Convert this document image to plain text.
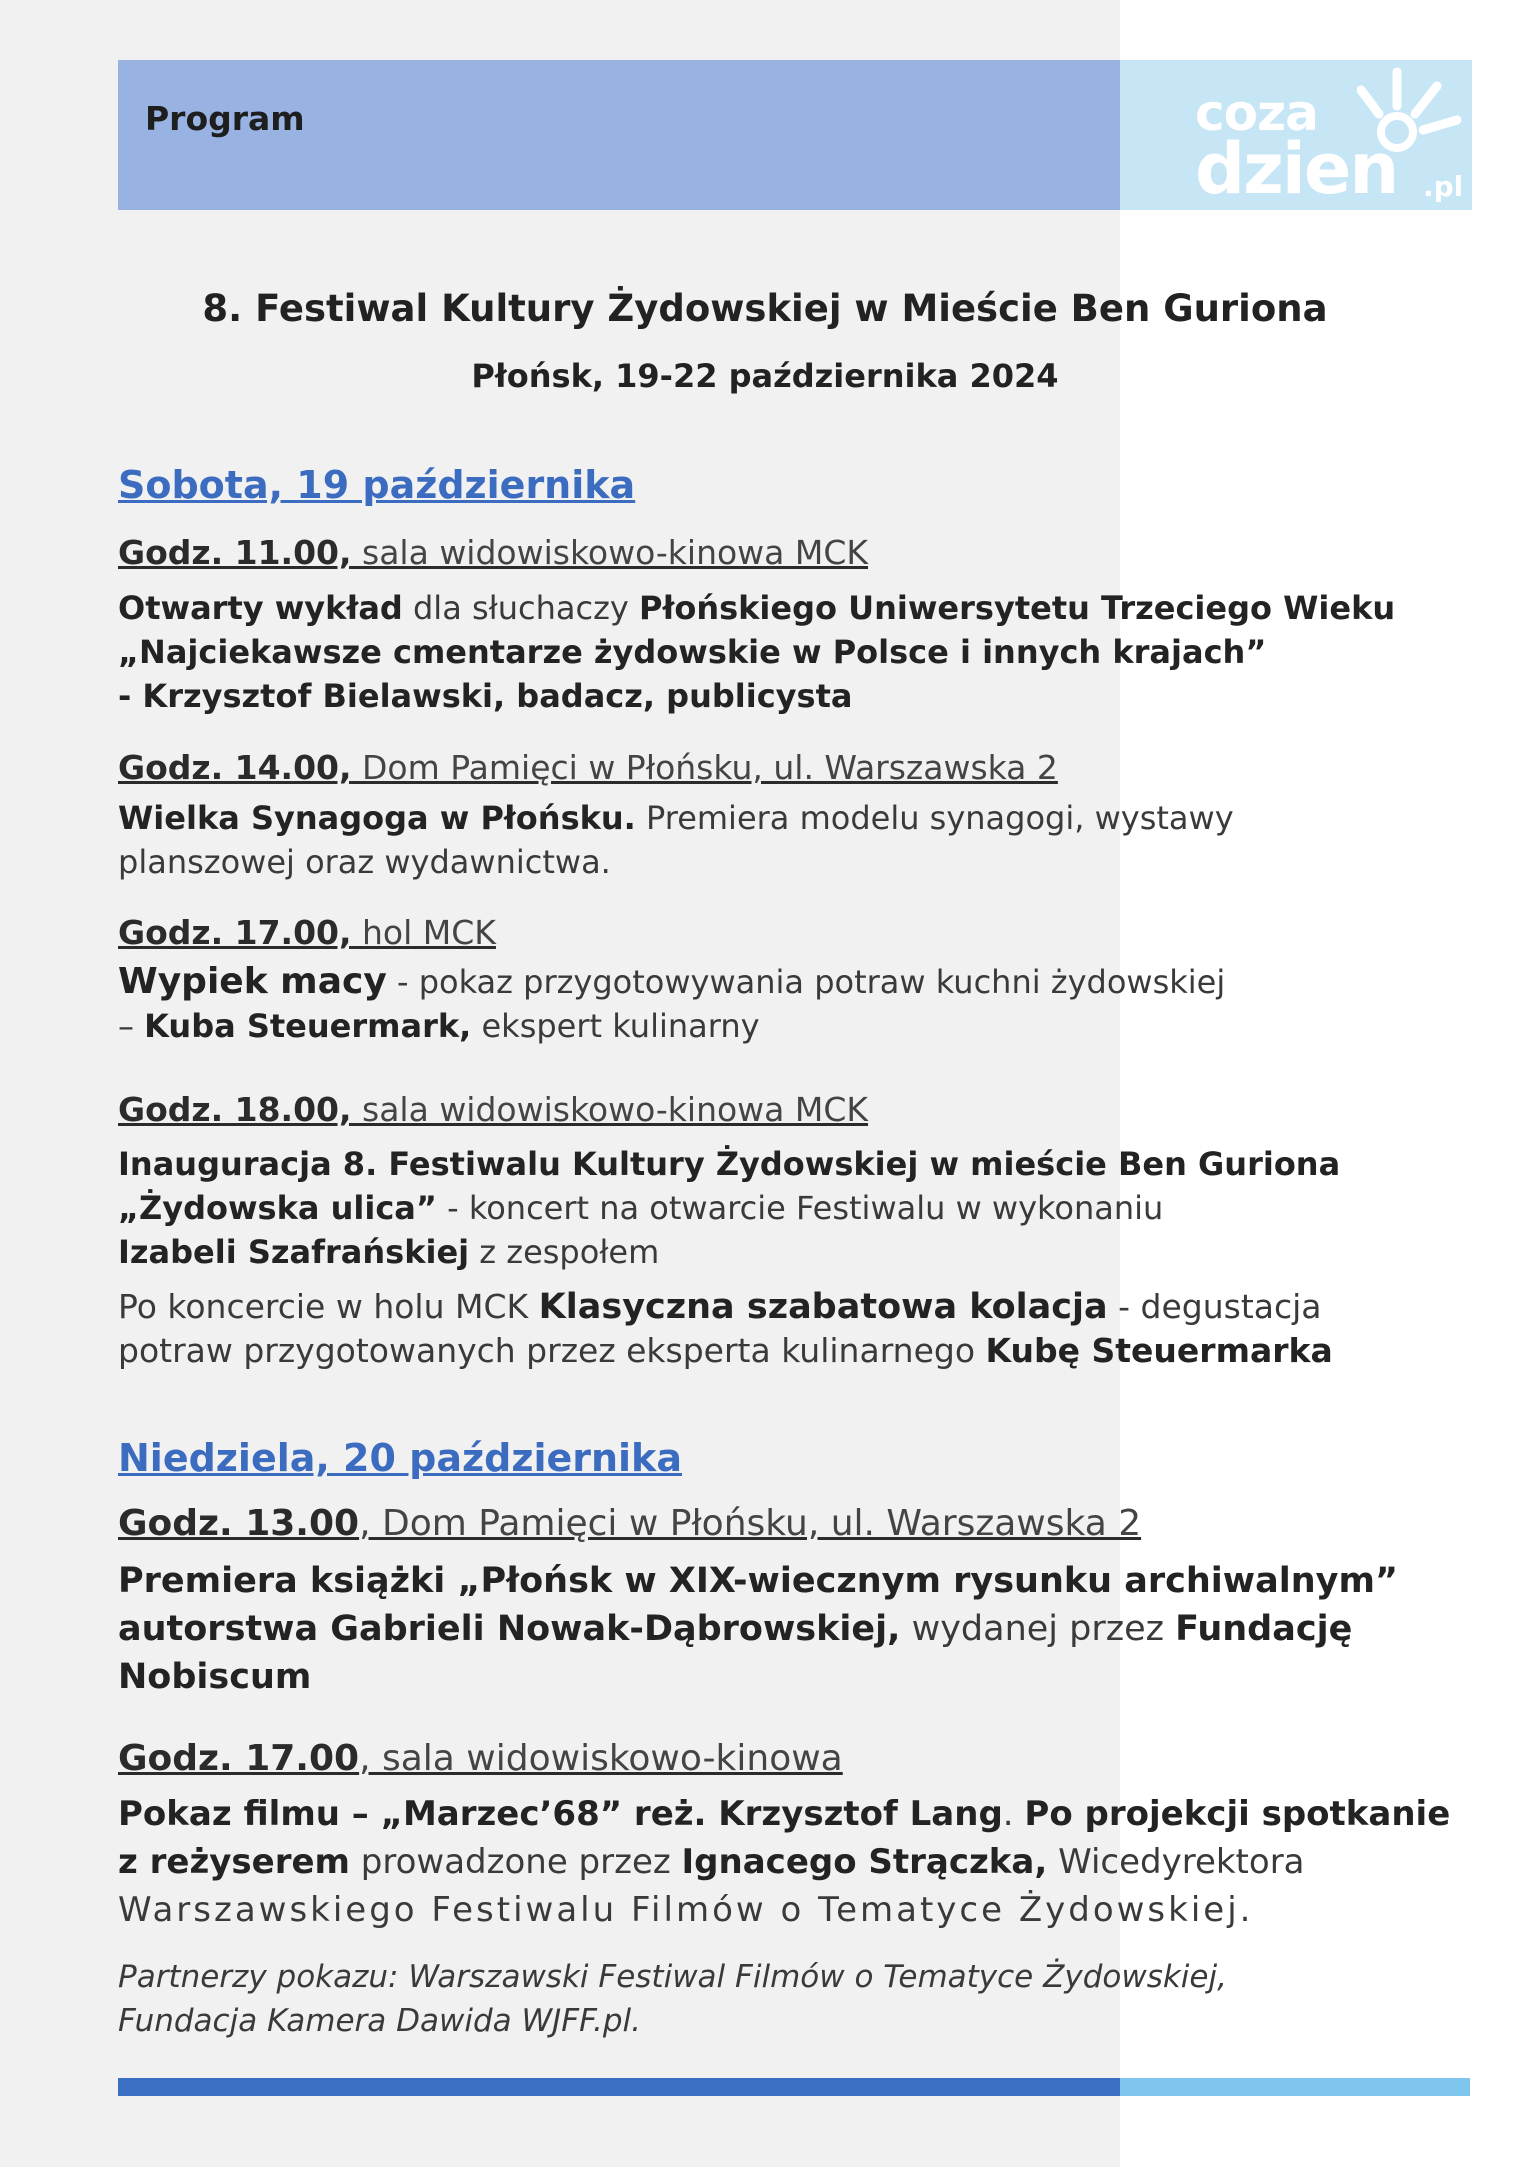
Program	coza
dzien .pl
8. Festiwal Kultury Żydowskiej w Mieście Ben Guriona
Płońsk, 19-22 października 2024
Sobota, 19 października
Godz. 11.00, sala widowiskowo-kinowa MCK
Otwarty wykład dla słuchaczy Płońskiego Uniwersytetu Trzeciego Wieku
„Najciekawsze cmentarze żydowskie w Polsce i innych krajach”
- Krzysztof Bielawski, badacz, publicysta
Godz. 14.00, Dom Pamięci w Płońsku, ul. Warszawska 2
Wielka Synagoga w Płońsku. Premiera modelu synagogi, wystawy
planszowej oraz wydawnictwa.
Godz. 17.00, hol MCK
Wypiek macy - pokaz przygotowywania potraw kuchni żydowskiej
– Kuba Steuermark, ekspert kulinarny
Godz. 18.00, sala widowiskowo-kinowa MCK
Inauguracja 8. Festiwalu Kultury Żydowskiej w mieście Ben Guriona
„Żydowska ulica” - koncert na otwarcie Festiwalu w wykonaniu
Izabeli Szafrańskiej z zespołem
Po koncercie w holu MCK Klasyczna szabatowa kolacja - degustacja
potraw przygotowanych przez eksperta kulinarnego Kubę Steuermarka
Niedziela, 20 października
Godz. 13.00, Dom Pamięci w Płońsku, ul. Warszawska 2
Premiera książki „Płońsk w XIX-wiecznym rysunku archiwalnym”
autorstwa Gabrieli Nowak-Dąbrowskiej, wydanej przez Fundację
Nobiscum
Godz. 17.00, sala widowiskowo-kinowa
Pokaz filmu – „Marzec’68” reż. Krzysztof Lang. Po projekcji spotkanie
z reżyserem prowadzone przez Ignacego Strączka, Wicedyrektora
Warszawskiego Festiwalu Filmów o Tematyce Żydowskiej.
Partnerzy pokazu: Warszawski Festiwal Filmów o Tematyce Żydowskiej,
Fundacja Kamera Dawida WJFF.pl.
